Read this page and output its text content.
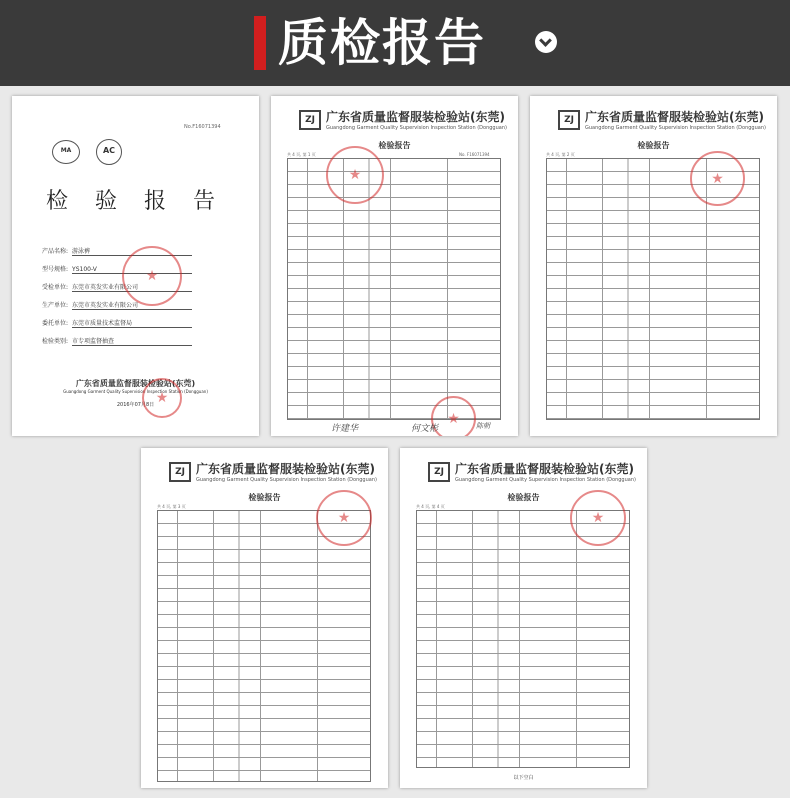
质检报告
No.F16071394
MA	AC
检 验 报 告
产品名称: 游泳裤
型号规格: YS100-V
受检单位: 东莞市英发实业有限公司
生产单位: 东莞市英发实业有限公司
委托单位: 东莞市质量技术监督局
检验类别: 市专项监督抽查
★
广东省质量监督服装检验站(东莞)
Guangdong Garment Quality Supervision Inspection Station (Dongguan)
2016年07月8日
★
ZJ 广东省质量监督服装检验站(东莞)
Guangdong Garment Quality Supervision Inspection Station (Dongguan)
检验报告
共 4 页, 第 1 页	No. F16071394
★
★
许建华	何文彬	陈朝
ZJ 广东省质量监督服装检验站(东莞)
Guangdong Garment Quality Supervision Inspection Station (Dongguan)
检验报告
共 4 页, 第 2 页
★
ZJ 广东省质量监督服装检验站(东莞)
Guangdong Garment Quality Supervision Inspection Station (Dongguan)
检验报告
共 4 页, 第 3 页
★
ZJ 广东省质量监督服装检验站(东莞)
Guangdong Garment Quality Supervision Inspection Station (Dongguan)
检验报告
共 4 页, 第 4 页
★
以下空白
